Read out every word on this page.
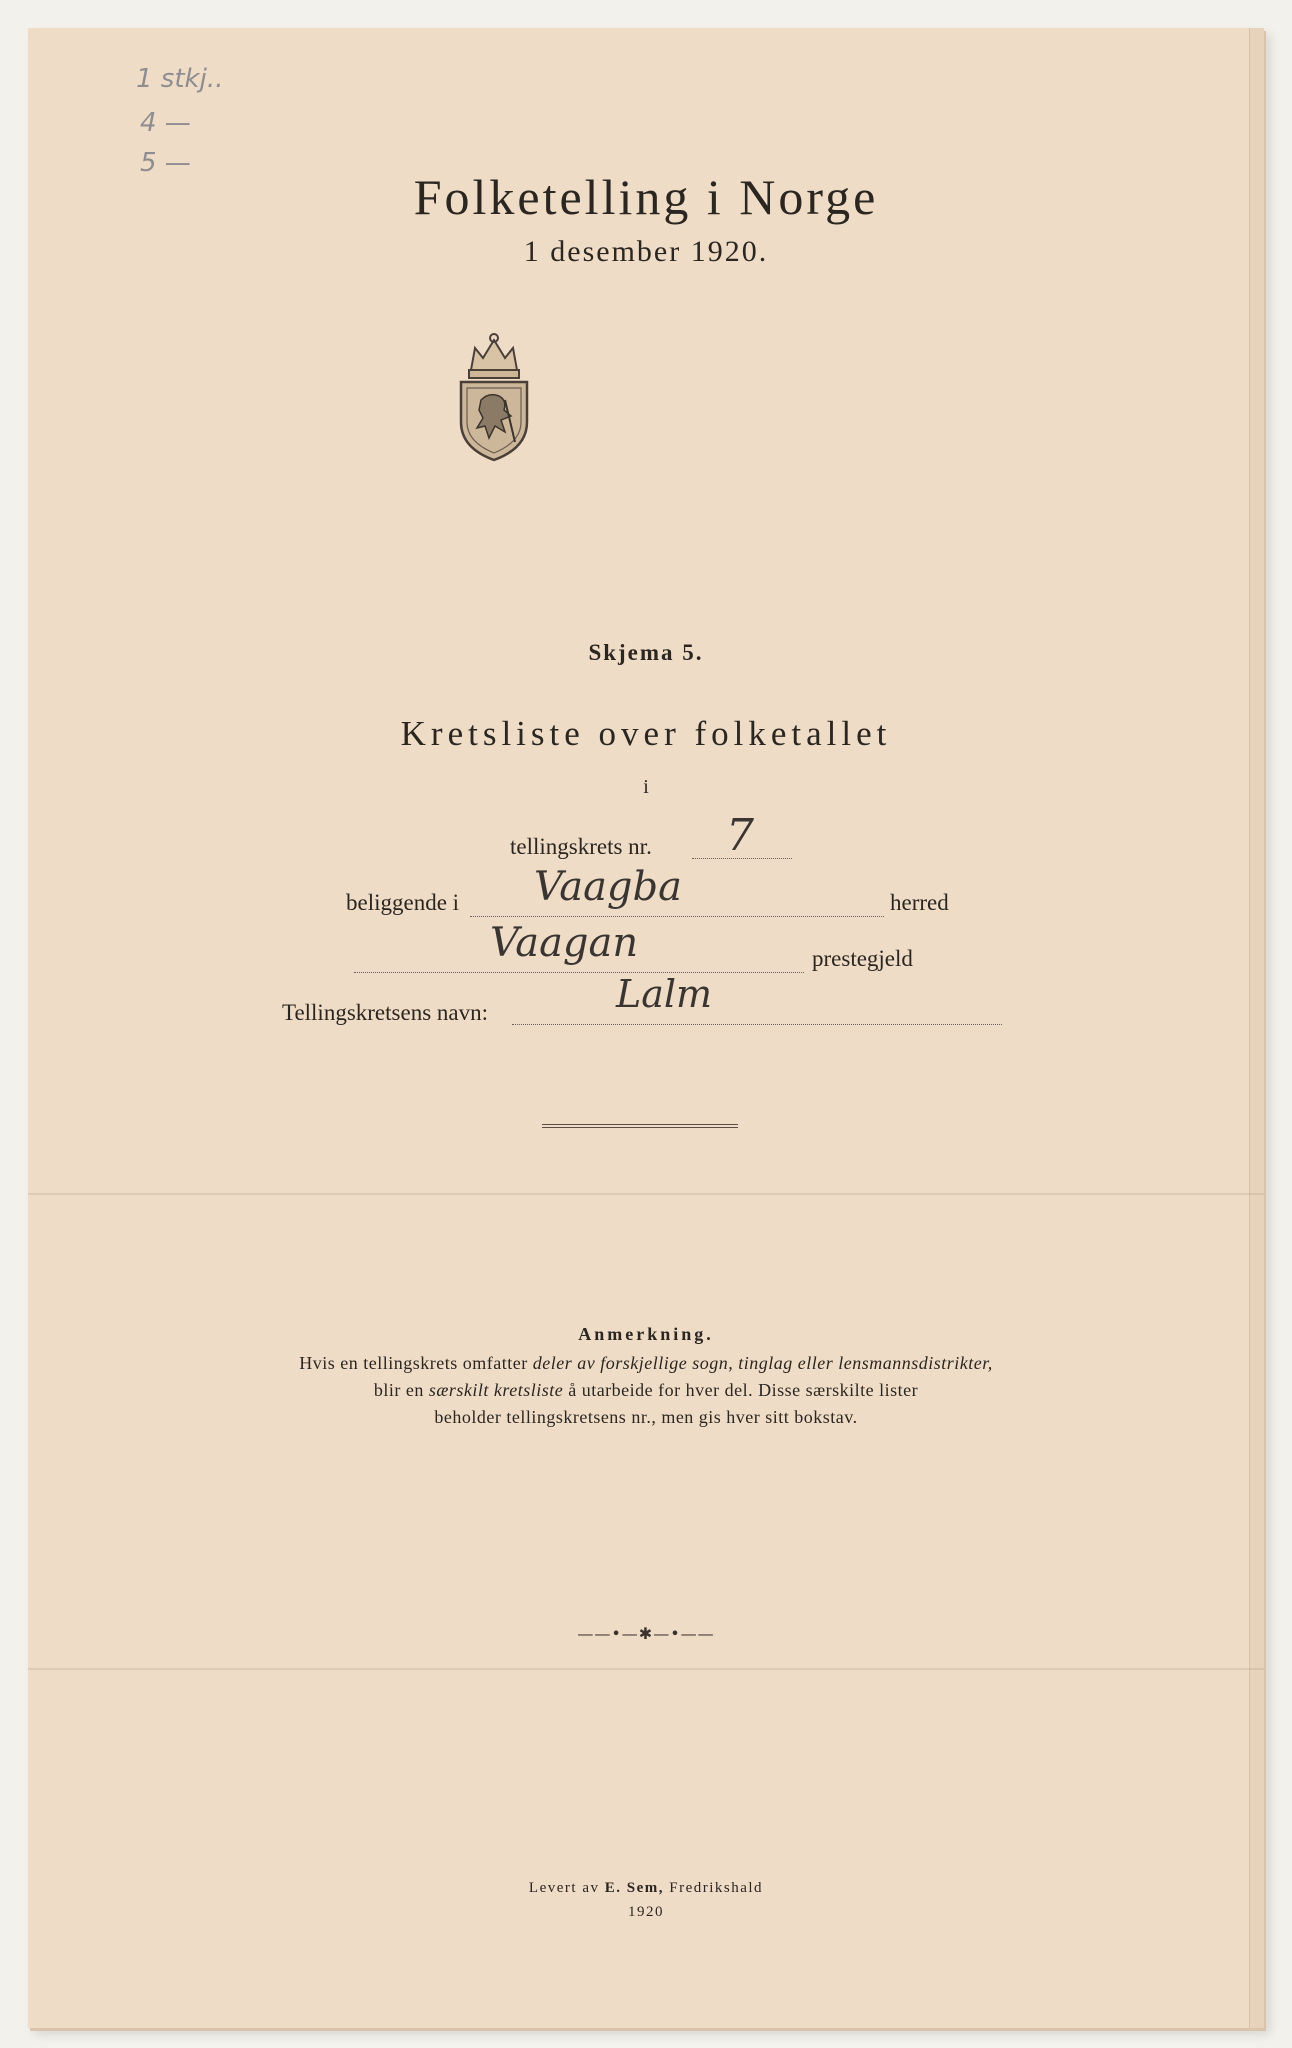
1 stkj..
4 —
5 —
Folketelling i Norge
1 desember 1920.
Skjema 5.
Kretsliste over folketallet
i
tellingskrets nr. 7
beliggende i Vaagba	herred
Vaagan	prestegjeld
Tellingskretsens navn:	Lalm
Anmerkning.
Hvis en tellingskrets omfatter deler av forskjellige sogn, tinglag eller lensmannsdistrikter,
blir en særskilt kretsliste å utarbeide for hver del. Disse særskilte lister
beholder tellingskretsens nr., men gis hver sitt bokstav.
——•—✱—•——
Levert av E. Sem, Fredrikshald
1920
